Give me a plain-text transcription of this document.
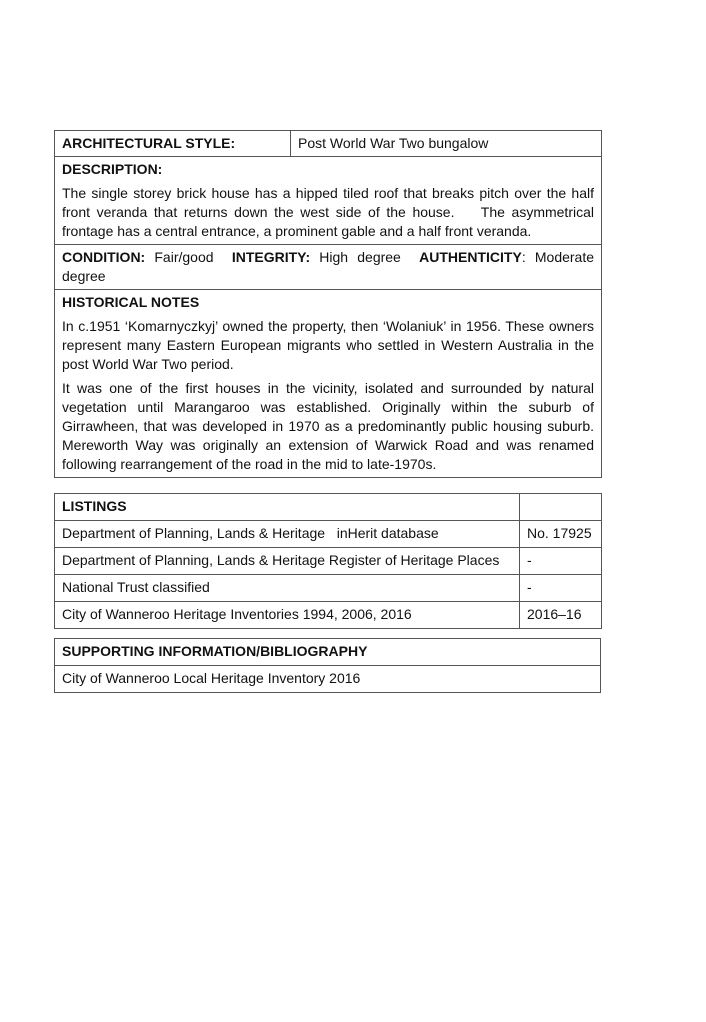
ARCHITECTURAL STYLE:	Post World War Two bungalow

DESCRIPTION:
The single storey brick house has a hipped tiled roof that breaks pitch over the half front veranda that returns down the west side of the house.    The asymmetrical frontage has a central entrance, a prominent gable and a half front veranda.

CONDITION: Fair/good INTEGRITY: High degree AUTHENTICITY: Moderate degree

HISTORICAL NOTES

In c.1951 ‘Komarnyczkyj’ owned the property, then ‘Wolaniuk’ in 1956. These owners represent many Eastern European migrants who settled in Western Australia in the post World War Two period.

It was one of the first houses in the vicinity, isolated and surrounded by natural vegetation until Marangaroo was established. Originally within the suburb of Girrawheen, that was developed in 1970 as a predominantly public housing suburb. Mereworth Way was originally an extension of Warwick Road and was renamed following rearrangement of the road in the mid to late-1970s.

LISTINGS	
Department of Planning, Lands & Heritage   inHerit database	No. 17925
Department of Planning, Lands & Heritage Register of Heritage Places	-
National Trust classified	-
City of Wanneroo Heritage Inventories 1994, 2006, 2016	2016–16
SUPPORTING INFORMATION/BIBLIOGRAPHY
City of Wanneroo Local Heritage Inventory 2016
